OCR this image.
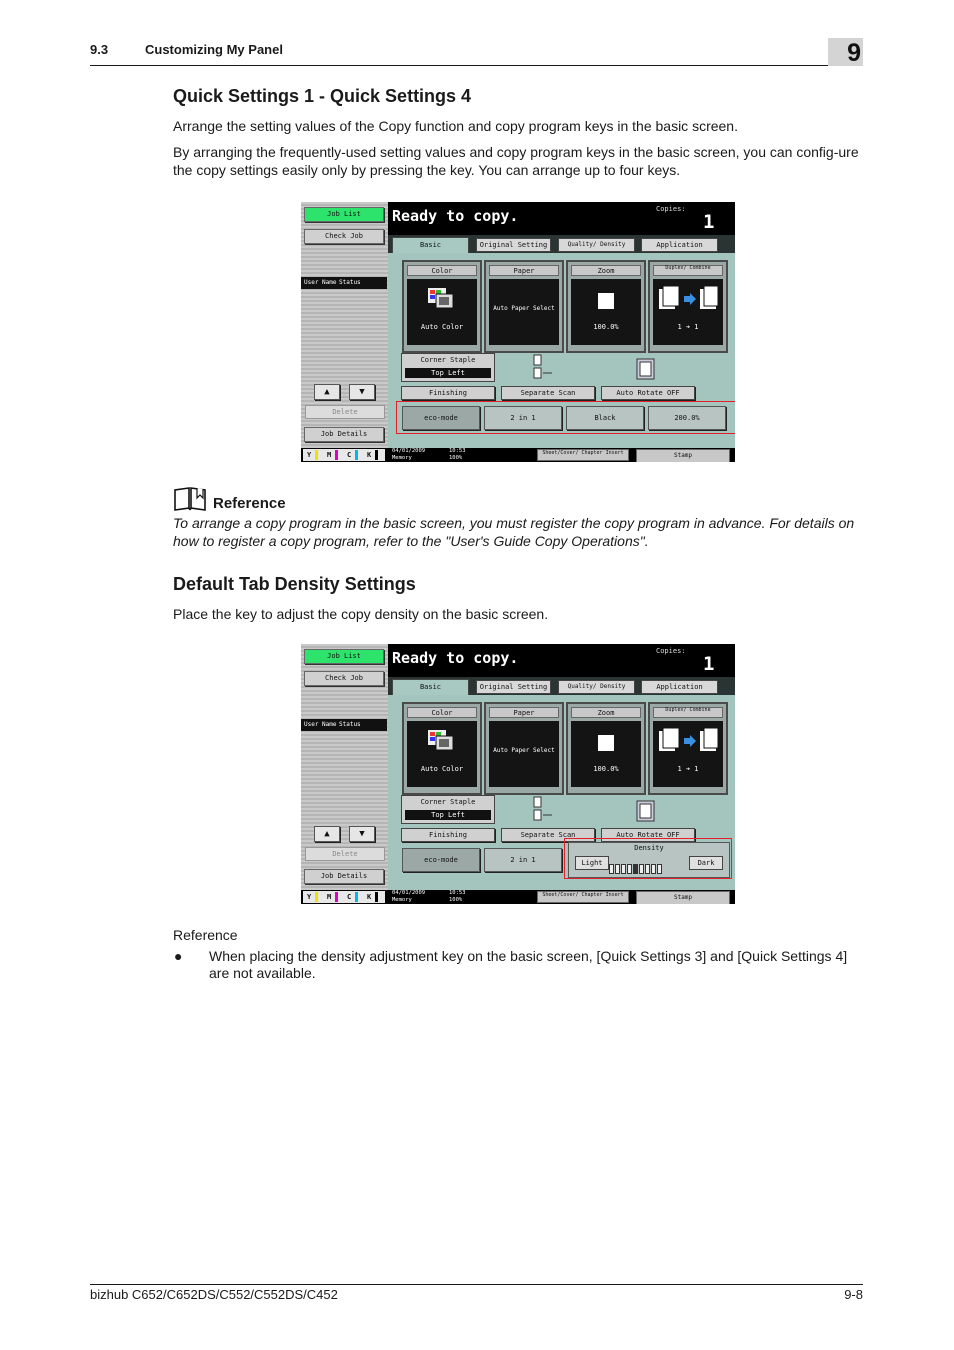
9.3	Customizing My Panel	9
Quick Settings 1 - Quick Settings 4

Arrange the setting values of the Copy function and copy program keys in the basic screen.

By arranging the frequently-used setting values and copy program keys in the basic screen, you can config-ure the copy settings easily only by pressing the key. You can arrange up to four keys.

Job List
Check Job
User Name Status
▲	▼
Delete
Job Details
Ready to copy.	Copies:
1
Basic	Original Setting	Quality/ Density	Application
Color
Auto Color
Paper
Auto Paper Select
Zoom
100.0%
Duplex/ Combine
1 ➔ 1
Corner Staple
Top Left
Finishing	Separate Scan	Auto Rotate OFF
eco-mode	2 in 1	Black	200.0%
Y M C K	04/01/2009
Memory
10:53
100%
Sheet/Cover/ Chapter Insert	Stamp
Reference
To arrange a copy program in the basic screen, you must register the copy program in advance. For details on how to register a copy program, refer to the "User's Guide Copy Operations".
Default Tab Density Settings

Place the key to adjust the copy density on the basic screen.

Job List
Check Job
User Name Status
▲	▼
Delete
Job Details
Ready to copy.	Copies:
1
Basic	Original Setting	Quality/ Density	Application
Color
Auto Color
Paper
Auto Paper Select
Zoom
100.0%
Duplex/ Combine
1 ➔ 1
Corner Staple
Top Left
Finishing	Separate Scan	Auto Rotate OFF
eco-mode	2 in 1
Density
Light	Dark
Y M C K	04/01/2009
Memory
10:53
100%
Sheet/Cover/ Chapter Insert	Stamp
Reference
● When placing the density adjustment key on the basic screen, [Quick Settings 3] and [Quick Settings 4] are not available.
bizhub C652/C652DS/C552/C552DS/C452	9-8
